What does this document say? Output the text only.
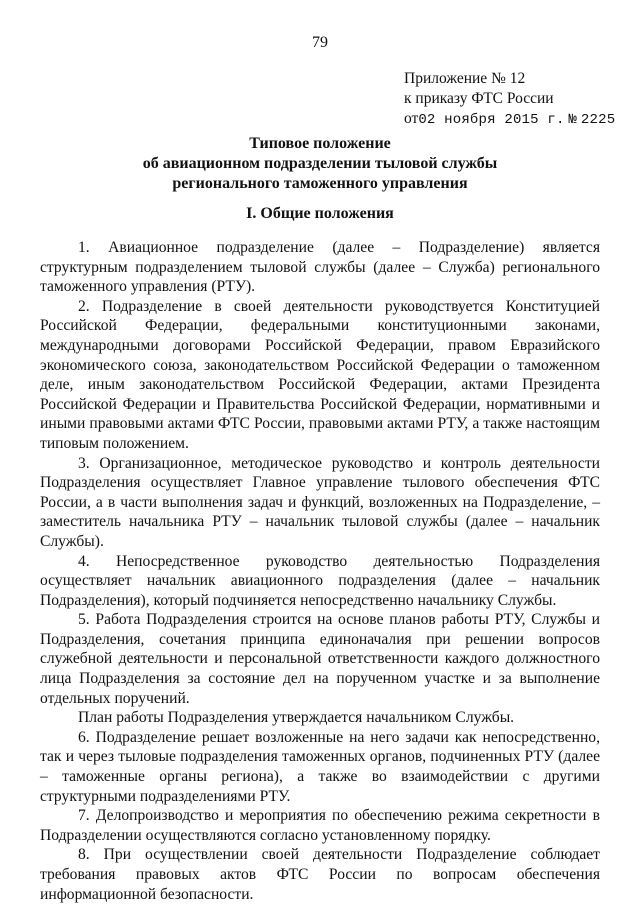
79
Приложение № 12
к приказу ФТС России
от02 ноября 2015 г. № 2225
Типовое положение
об авиационном подразделении тыловой службы
регионального таможенного управления
I. Общие положения

1. Авиационное подразделение (далее – Подразделение) является структурным подразделением тыловой службы (далее – Служба) регионального таможенного управления (РТУ).

2. Подразделение в своей деятельности руководствуется Конституцией Российской Федерации, федеральными конституционными законами, международными договорами Российской Федерации, правом Евразийского экономического союза, законодательством Российской Федерации о таможенном деле, иным законодательством Российской Федерации, актами Президента Российской Федерации и Правительства Российской Федерации, нормативными и иными правовыми актами ФТС России, правовыми актами РТУ, а также настоящим типовым положением.

3. Организационное, методическое руководство и контроль деятельности Подразделения осуществляет Главное управление тылового обеспечения ФТС России, а в части выполнения задач и функций, возложенных на Подразделение, – заместитель начальника РТУ – начальник тыловой службы (далее – начальник Службы).

4. Непосредственное руководство деятельностью Подразделения осуществляет начальник авиационного подразделения (далее – начальник Подразделения), который подчиняется непосредственно начальнику Службы.

5. Работа Подразделения строится на основе планов работы РТУ, Службы и Подразделения, сочетания принципа единоначалия при решении вопросов служебной деятельности и персональной ответственности каждого должностного лица Подразделения за состояние дел на порученном участке и за выполнение отдельных поручений.

План работы Подразделения утверждается начальником Службы.

6. Подразделение решает возложенные на него задачи как непосредственно, так и через тыловые подразделения таможенных органов, подчиненных РТУ (далее – таможенные органы региона), а также во взаимодействии с другими структурными подразделениями РТУ.

7. Делопроизводство и мероприятия по обеспечению режима секретности в Подразделении осуществляются согласно установленному порядку.

8. При осуществлении своей деятельности Подразделение соблюдает требования правовых актов ФТС России по вопросам обеспечения информационной безопасности.
